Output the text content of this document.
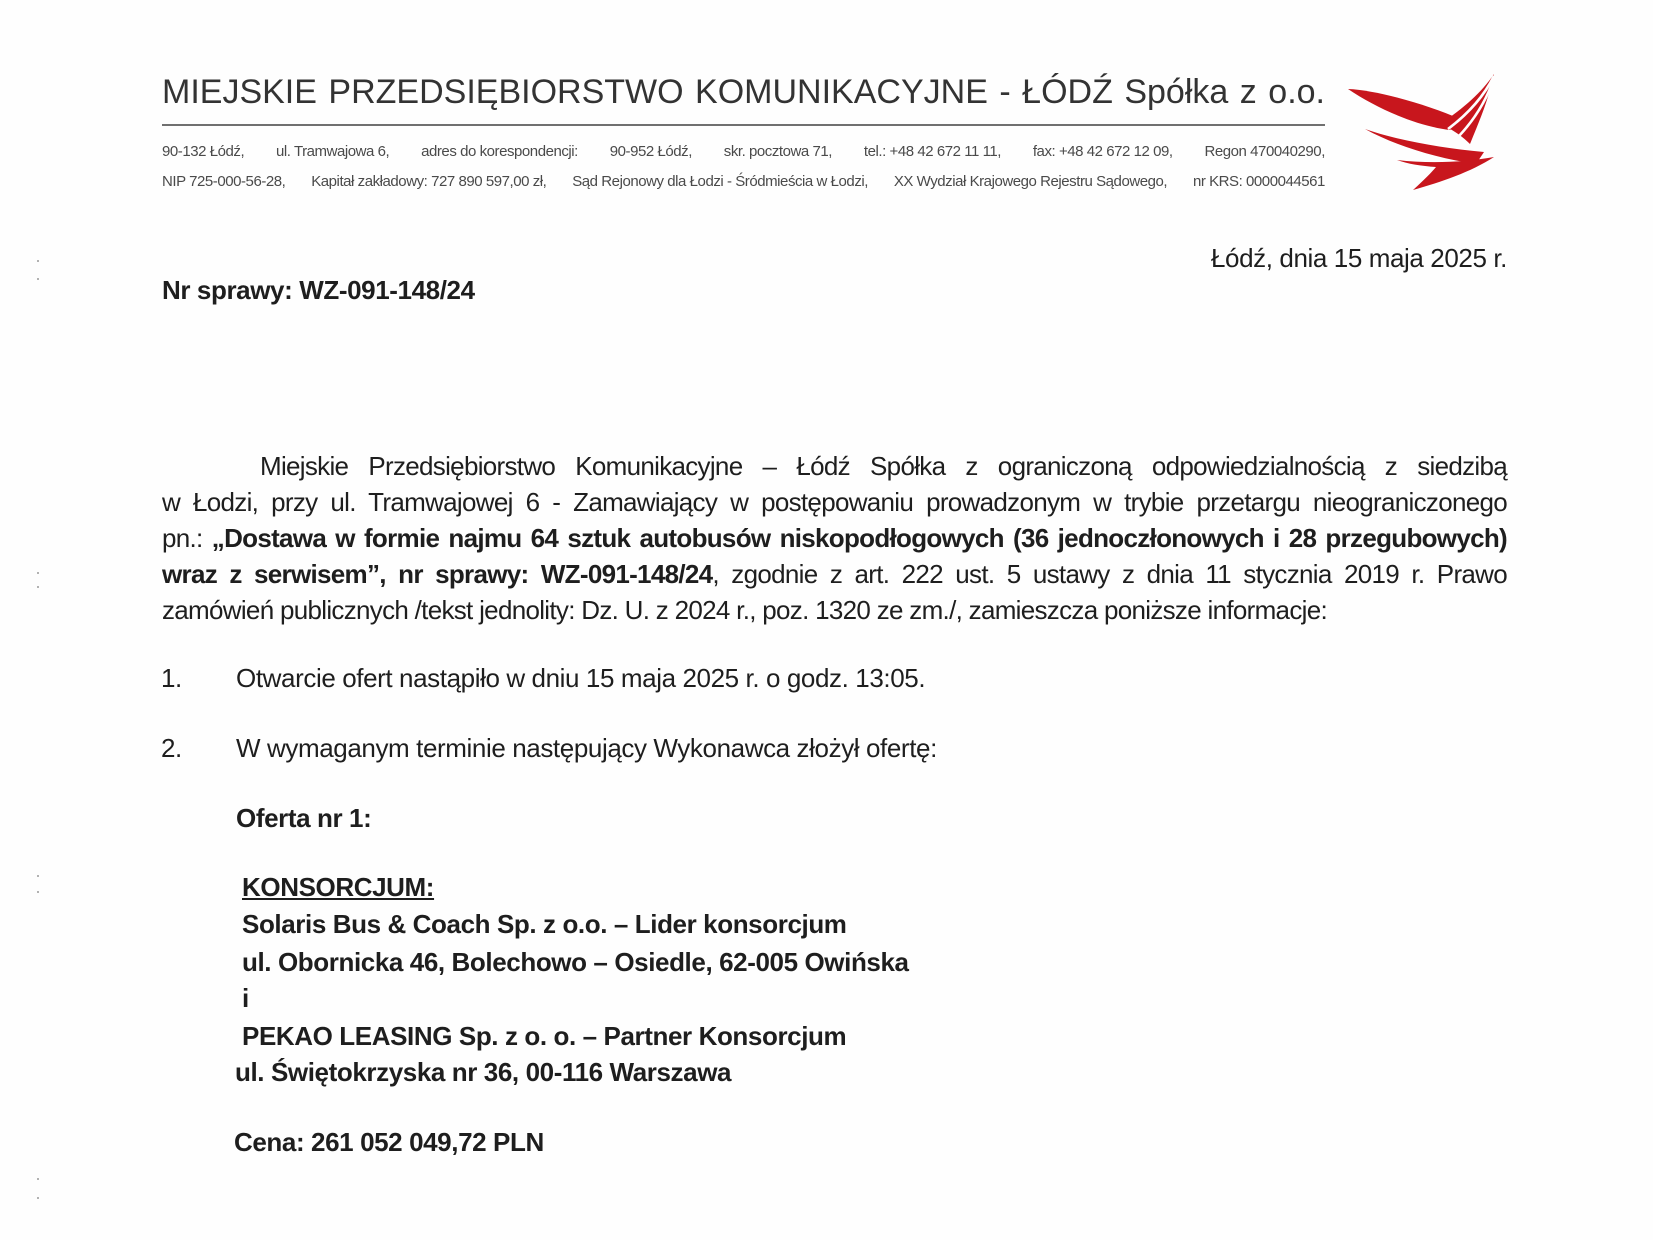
MIEJSKIE PRZEDSIĘBIORSTWO KOMUNIKACYJNE - ŁÓDŹ Spółka z o.o.
90-132 Łódź, ul. Tramwajowa 6, adres do korespondencji: 90-952 Łódź, skr. pocztowa 71, tel.: +48 42 672 11 11, fax: +48 42 672 12 09, Regon 470040290,
NIP 725-000-56-28, Kapitał zakładowy: 727 890 597,00 zł, Sąd Rejonowy dla Łodzi - Śródmieścia w Łodzi, XX Wydział Krajowego Rejestru Sądowego, nr KRS: 0000044561
Łódź, dnia 15 maja 2025 r.
Nr sprawy: WZ-091-148/24
Miejskie Przedsiębiorstwo Komunikacyjne – Łódź Spółka z ograniczoną odpowiedzialnością z siedzibą
w Łodzi, przy ul. Tramwajowej 6 - Zamawiający w postępowaniu prowadzonym w trybie przetargu nieograniczonego
pn.: „Dostawa w formie najmu 64 sztuk autobusów niskopodłogowych (36 jednoczłonowych i 28 przegubowych)
wraz z serwisem”, nr sprawy: WZ-091-148/24, zgodnie z art. 222 ust. 5 ustawy z dnia 11 stycznia 2019 r. Prawo
zamówień publicznych /tekst jednolity: Dz. U. z 2024 r., poz. 1320 ze zm./, zamieszcza poniższe informacje:
1. Otwarcie ofert nastąpiło w dniu 15 maja 2025 r. o godz. 13:05.
2. W wymaganym terminie następujący Wykonawca złożył ofertę:
Oferta nr 1:
KONSORCJUM:
Solaris Bus & Coach Sp. z o.o. – Lider konsorcjum
ul. Obornicka 46, Bolechowo – Osiedle, 62-005 Owińska
i
PEKAO LEASING Sp. z o. o. – Partner Konsorcjum
ul. Świętokrzyska nr 36, 00-116 Warszawa
Cena: 261 052 049,72 PLN
